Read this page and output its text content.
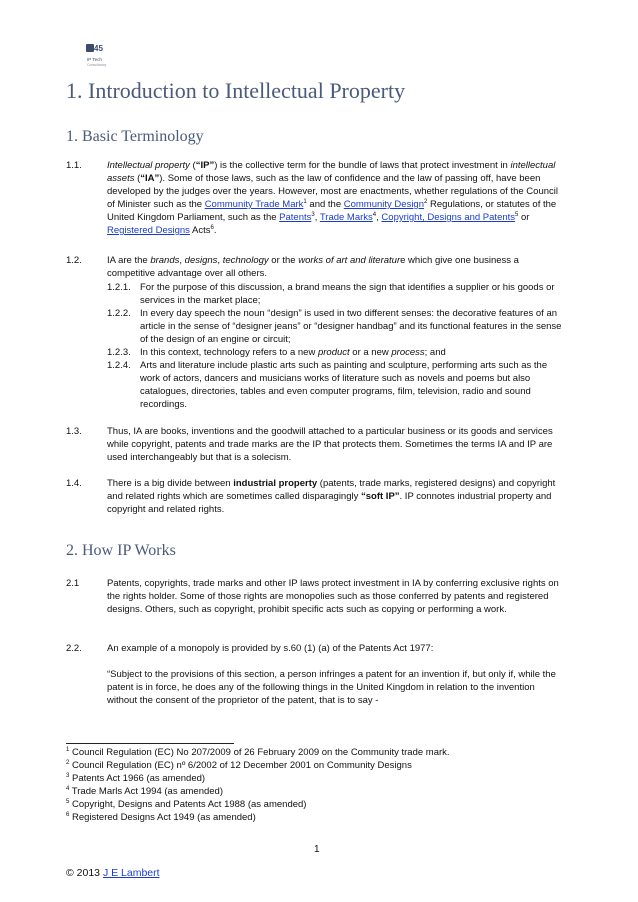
45
IP Tech
Consultancy
1. Introduction to Intellectual Property
1. Basic Terminology
1.1.	Intellectual property (“IP”) is the collective term for the bundle of laws that protect investment in intellectual assets (“IA”). Some of those laws, such as the law of confidence and the law of passing off, have been developed by the judges over the years. However, most are enactments, whether regulations of the Council of Minister such as the Community Trade Mark$^1$ and the Community Design$^2$ Regulations, or statutes of the United Kingdom Parliament, such as the Patents$^3$, Trade Marks$^4$, Copyright, Designs and Patents$^5$ or Registered Designs Acts$^6$.
1.2.	IA are the brands, designs, technology or the works of art and literature which give one business a competitive advantage over all others.
1.2.1. For the purpose of this discussion, a brand means the sign that identifies a supplier or his goods or services in the market place;
1.2.2. In every day speech the noun “design” is used in two different senses: the decorative features of an article in the sense of “designer jeans” or “designer handbag” and its functional features in the sense of the design of an engine or circuit;
1.2.3. In this context, technology refers to a new product or a new process; and
1.2.4. Arts and literature include plastic arts such as painting and sculpture, performing arts such as the work of actors, dancers and musicians works of literature such as novels and poems but also catalogues, directories, tables and even computer programs, film, television, radio and sound recordings.
1.3.	Thus, IA are books, inventions and the goodwill attached to a particular business or its goods and services while copyright, patents and trade marks are the IP that protects them. Sometimes the terms IA and IP are used interchangeably but that is a solecism.
1.4.	There is a big divide between industrial property (patents, trade marks, registered designs) and copyright and related rights which are sometimes called disparagingly “soft IP”. IP connotes industrial property and copyright and related rights.
2. How IP Works
2.1	Patents, copyrights, trade marks and other IP laws protect investment in IA by conferring exclusive rights on the rights holder. Some of those rights are monopolies such as those conferred by patents and registered designs. Others, such as copyright, prohibit specific acts such as copying or performing a work.
2.2.	An example of a monopoly is provided by s.60 (1) (a) of the Patents Act 1977:
“Subject to the provisions of this section, a person infringes a patent for an invention if, but only if, while the patent is in force, he does any of the following things in the United Kingdom in relation to the invention without the consent of the proprietor of the patent, that is to say -
$^1$ Council Regulation (EC) No 207/2009 of 26 February 2009 on the Community trade mark.
$^2$ Council Regulation (EC) nº 6/2002 of 12 December 2001 on Community Designs
$^3$ Patents Act 1966 (as amended)
$^4$ Trade Marls Act 1994 (as amended)
$^5$ Copyright, Designs and Patents Act 1988 (as amended)
$^6$ Registered Designs Act 1949 (as amended)
1
© 2013 J E Lambert
